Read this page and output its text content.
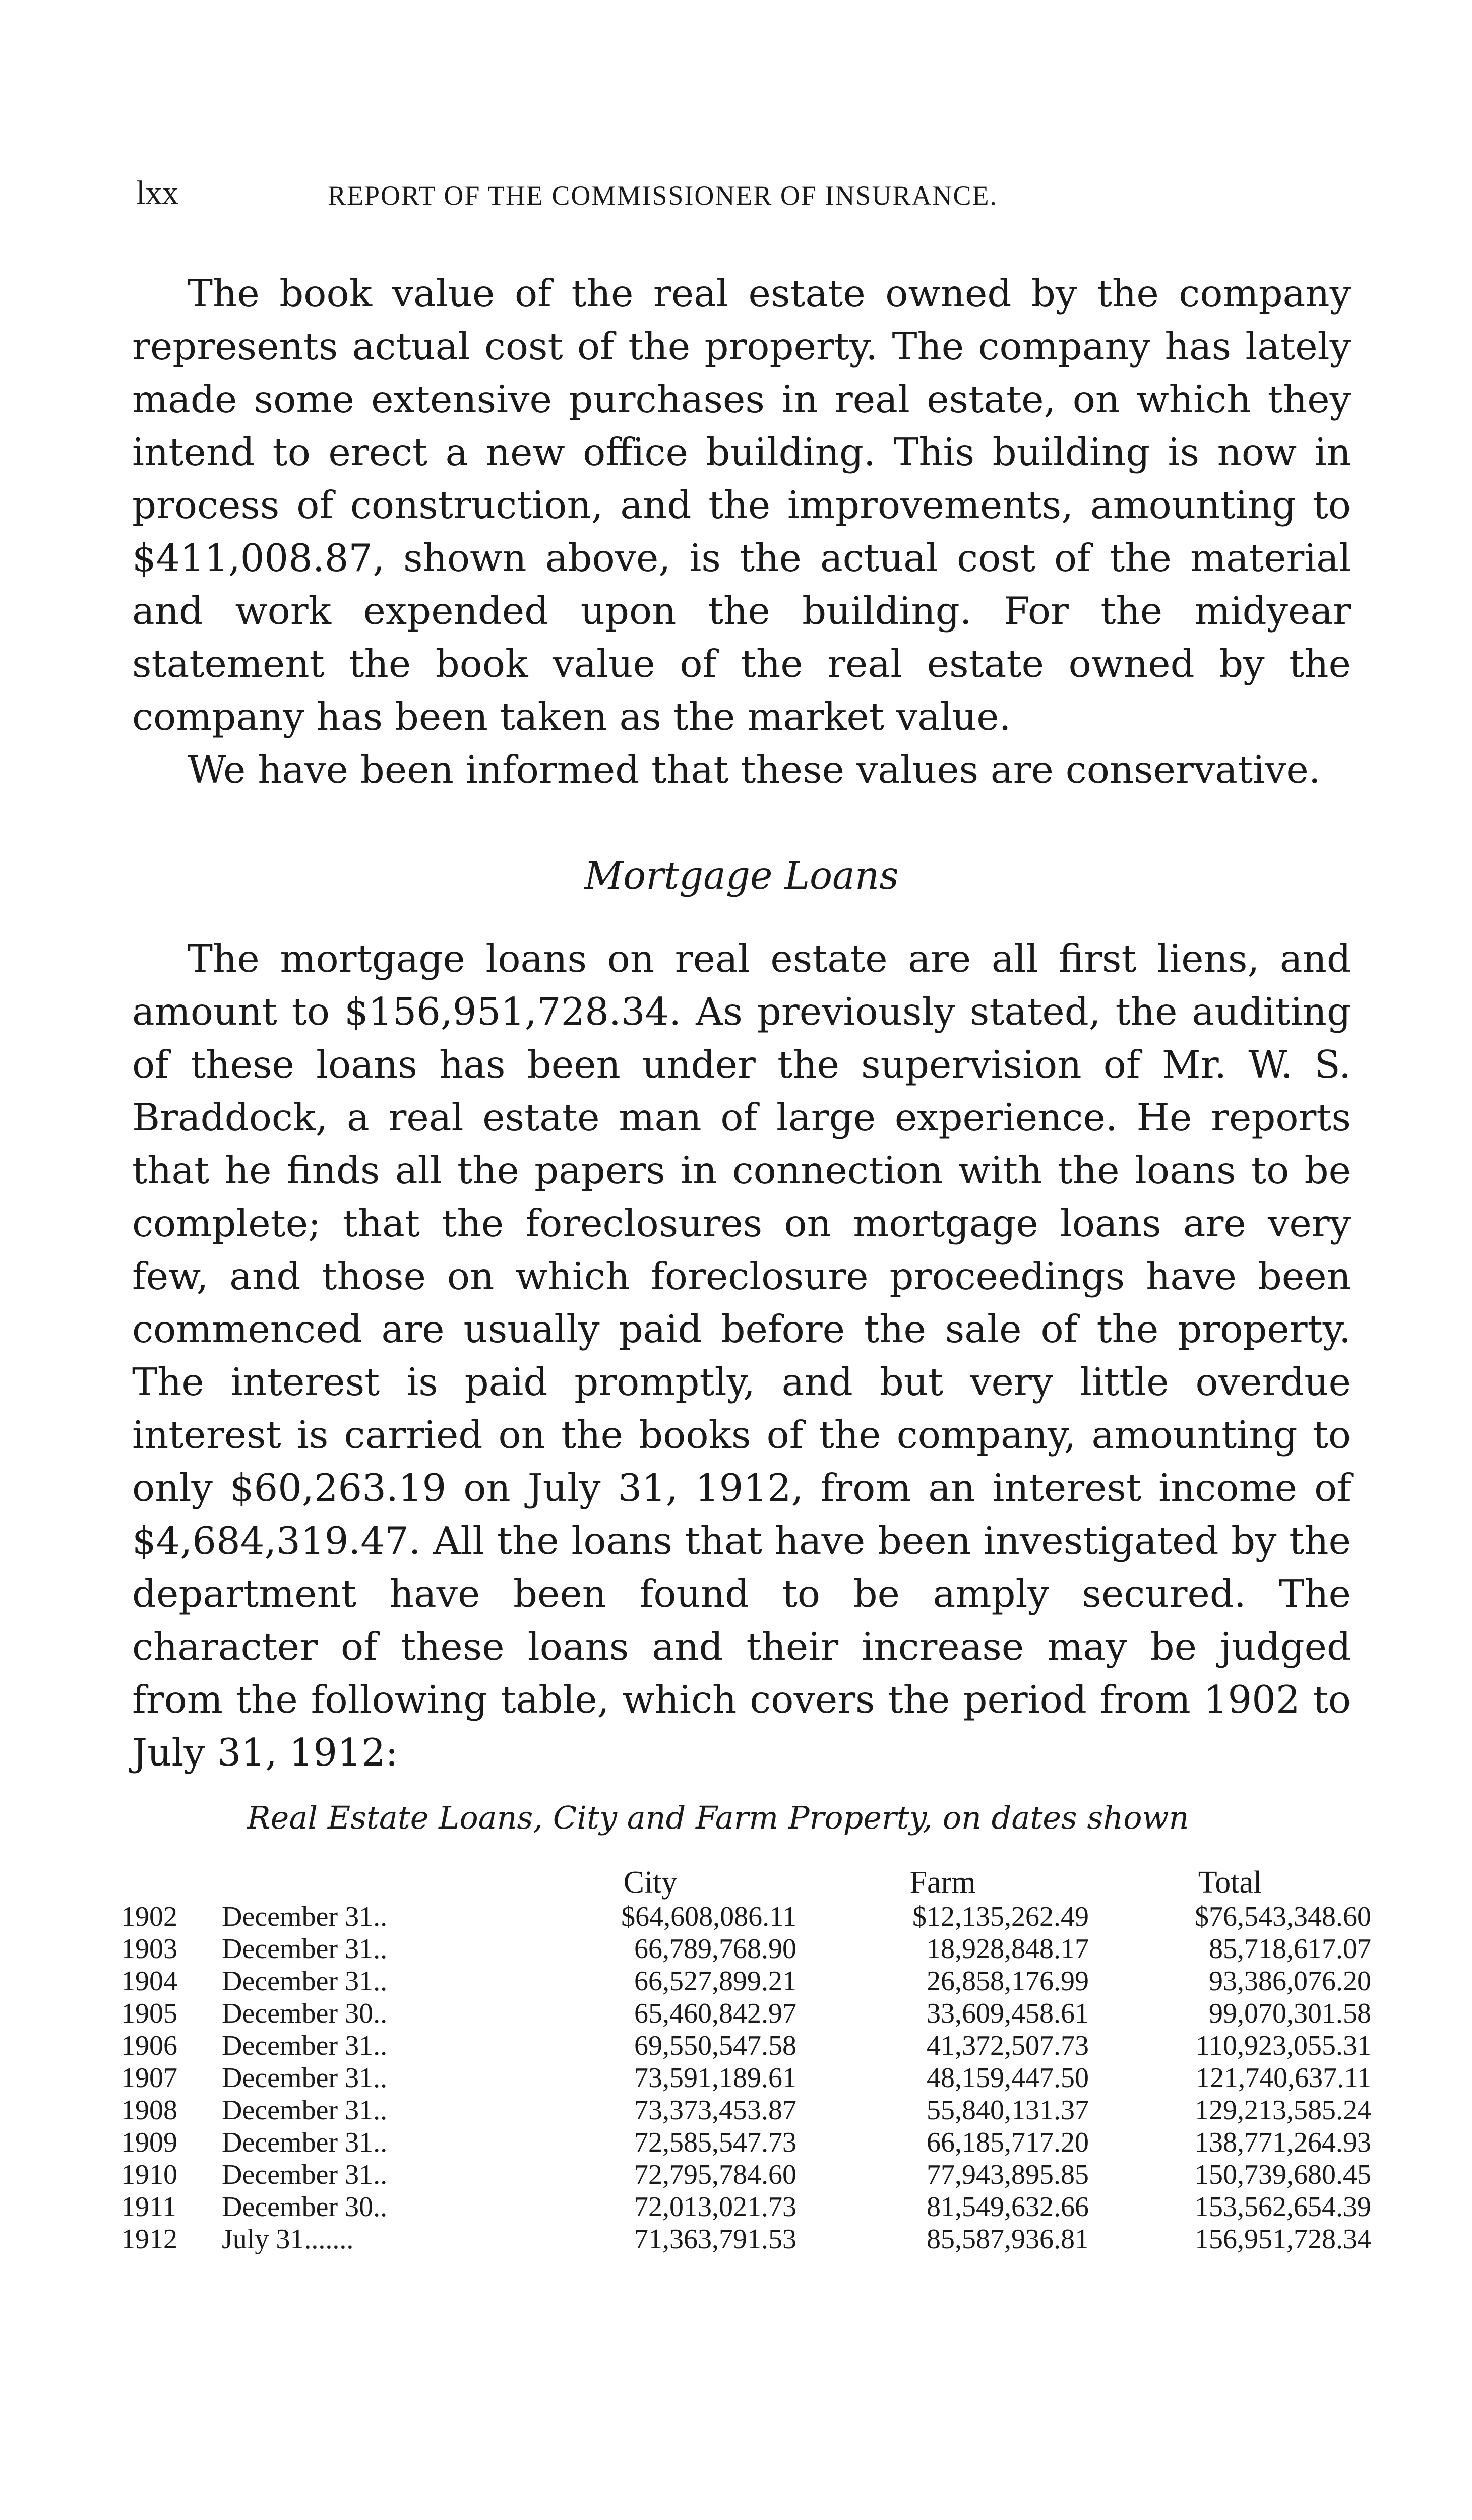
lxx	REPORT OF THE COMMISSIONER OF INSURANCE.

The book value of the real estate owned by the company represents actual cost of the property. The company has lately made some extensive purchases in real estate, on which they intend to erect a new office building. This building is now in process of construction, and the improvements, amounting to $411,008.87, shown above, is the actual cost of the material and work expended upon the building. For the midyear statement the book value of the real estate owned by the company has been taken as the market value.

We have been informed that these values are conservative.

Mortgage Loans

The mortgage loans on real estate are all first liens, and amount to $156,951,728.34. As previously stated, the auditing of these loans has been under the supervision of Mr. W. S. Braddock, a real estate man of large experience. He reports that he finds all the papers in connection with the loans to be complete; that the foreclosures on mortgage loans are very few, and those on which foreclosure proceedings have been commenced are usually paid before the sale of the property. The interest is paid promptly, and but very little overdue interest is carried on the books of the company, amounting to only $60,263.19 on July 31, 1912, from an interest income of $4,684,319.47. All the loans that have been investigated by the department have been found to be amply secured. The character of these loans and their increase may be judged from the following table, which covers the period from 1902 to July 31, 1912:

Real Estate Loans, City and Farm Property, on dates shown
		City	Farm	Total
1902	December 31..	$64,608,086.11	$12,135,262.49	$76,543,348.60
1903	December 31..	66,789,768.90	18,928,848.17	85,718,617.07
1904	December 31..	66,527,899.21	26,858,176.99	93,386,076.20
1905	December 30..	65,460,842.97	33,609,458.61	99,070,301.58
1906	December 31..	69,550,547.58	41,372,507.73	110,923,055.31
1907	December 31..	73,591,189.61	48,159,447.50	121,740,637.11
1908	December 31..	73,373,453.87	55,840,131.37	129,213,585.24
1909	December 31..	72,585,547.73	66,185,717.20	138,771,264.93
1910	December 31..	72,795,784.60	77,943,895.85	150,739,680.45
1911	December 30..	72,013,021.73	81,549,632.66	153,562,654.39
1912	July 31.......	71,363,791.53	85,587,936.81	156,951,728.34
